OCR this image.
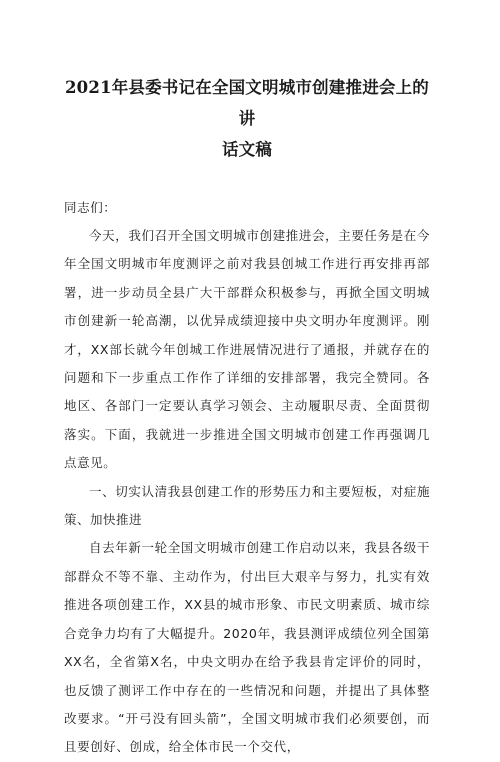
2021年县委书记在全国文明城市创建推进会上的讲
话文稿

同志们：

今天，我们召开全国文明城市创建推进会，主要任务是在今年全国文明城市年度测评之前对我县创城工作进行再安排再部署，进一步动员全县广大干部群众积极参与，再掀全国文明城市创建新一轮高潮，以优异成绩迎接中央文明办年度测评。刚才，XX部长就今年创城工作进展情况进行了通报，并就存在的问题和下一步重点工作作了详细的安排部署，我完全赞同。各地区、各部门一定要认真学习领会、主动履职尽责、全面贯彻落实。下面，我就进一步推进全国文明城市创建工作再强调几点意见。

一、切实认清我县创建工作的形势压力和主要短板，对症施策、加快推进

自去年新一轮全国文明城市创建工作启动以来，我县各级干部群众不等不靠、主动作为，付出巨大艰辛与努力，扎实有效推进各项创建工作，XX县的城市形象、市民文明素质、城市综合竞争力均有了大幅提升。2020年，我县测评成绩位列全国第XX名，全省第X名，中央文明办在给予我县肯定评价的同时，也反馈了测评工作中存在的一些情况和问题，并提出了具体整改要求。“开弓没有回头箭”，全国文明城市我们必须要创，而且要创好、创成，给全体市民一个交代，
